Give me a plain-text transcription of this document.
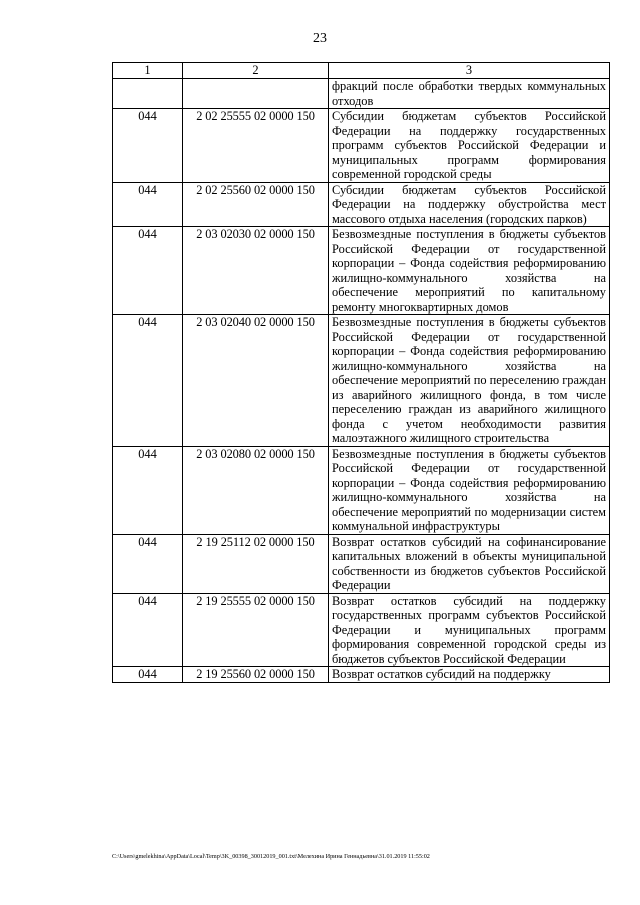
23
1	2	3
		фракций после обработки твердых коммунальных отходов
044	2 02 25555 02 0000 150	Субсидии бюджетам субъектов Российской Федерации на поддержку государственных программ субъектов Российской Федерации и муниципальных программ формирования современной городской среды
044	2 02 25560 02 0000 150	Субсидии бюджетам субъектов Российской Федерации на поддержку обустройства мест массового отдыха населения (городских парков)
044	2 03 02030 02 0000 150	Безвозмездные поступления в бюджеты субъектов Российской Федерации от государственной корпорации – Фонда содействия реформированию жилищно-коммунального хозяйства на обеспечение мероприятий по капитальному ремонту многоквартирных домов
044	2 03 02040 02 0000 150	Безвозмездные поступления в бюджеты субъектов Российской Федерации от государственной корпорации – Фонда содействия реформированию жилищно-коммунального хозяйства на обеспечение мероприятий по переселению граждан из аварийного жилищного фонда, в том числе переселению граждан из аварийного жилищного фонда с учетом необходимости развития малоэтажного жилищного строительства
044	2 03 02080 02 0000 150	Безвозмездные поступления в бюджеты субъектов Российской Федерации от государственной корпорации – Фонда содействия реформированию жилищно-коммунального хозяйства на обеспечение мероприятий по модернизации систем коммунальной инфраструктуры
044	2 19 25112 02 0000 150	Возврат остатков субсидий на софинансирование капитальных вложений в объекты муниципальной собственности из бюджетов субъектов Российской Федерации
044	2 19 25555 02 0000 150	Возврат остатков субсидий на поддержку государственных программ субъектов Российской Федерации и муниципальных программ формирования современной городской среды из бюджетов субъектов Российской Федерации
044	2 19 25560 02 0000 150	Возврат остатков субсидий на поддержку
C:\Users\gmelekhina\AppData\Local\Temp\3K_00398_30012019_001.txt\Мелехина Ирина Геннадьевна\31.01.2019 11:55:02
